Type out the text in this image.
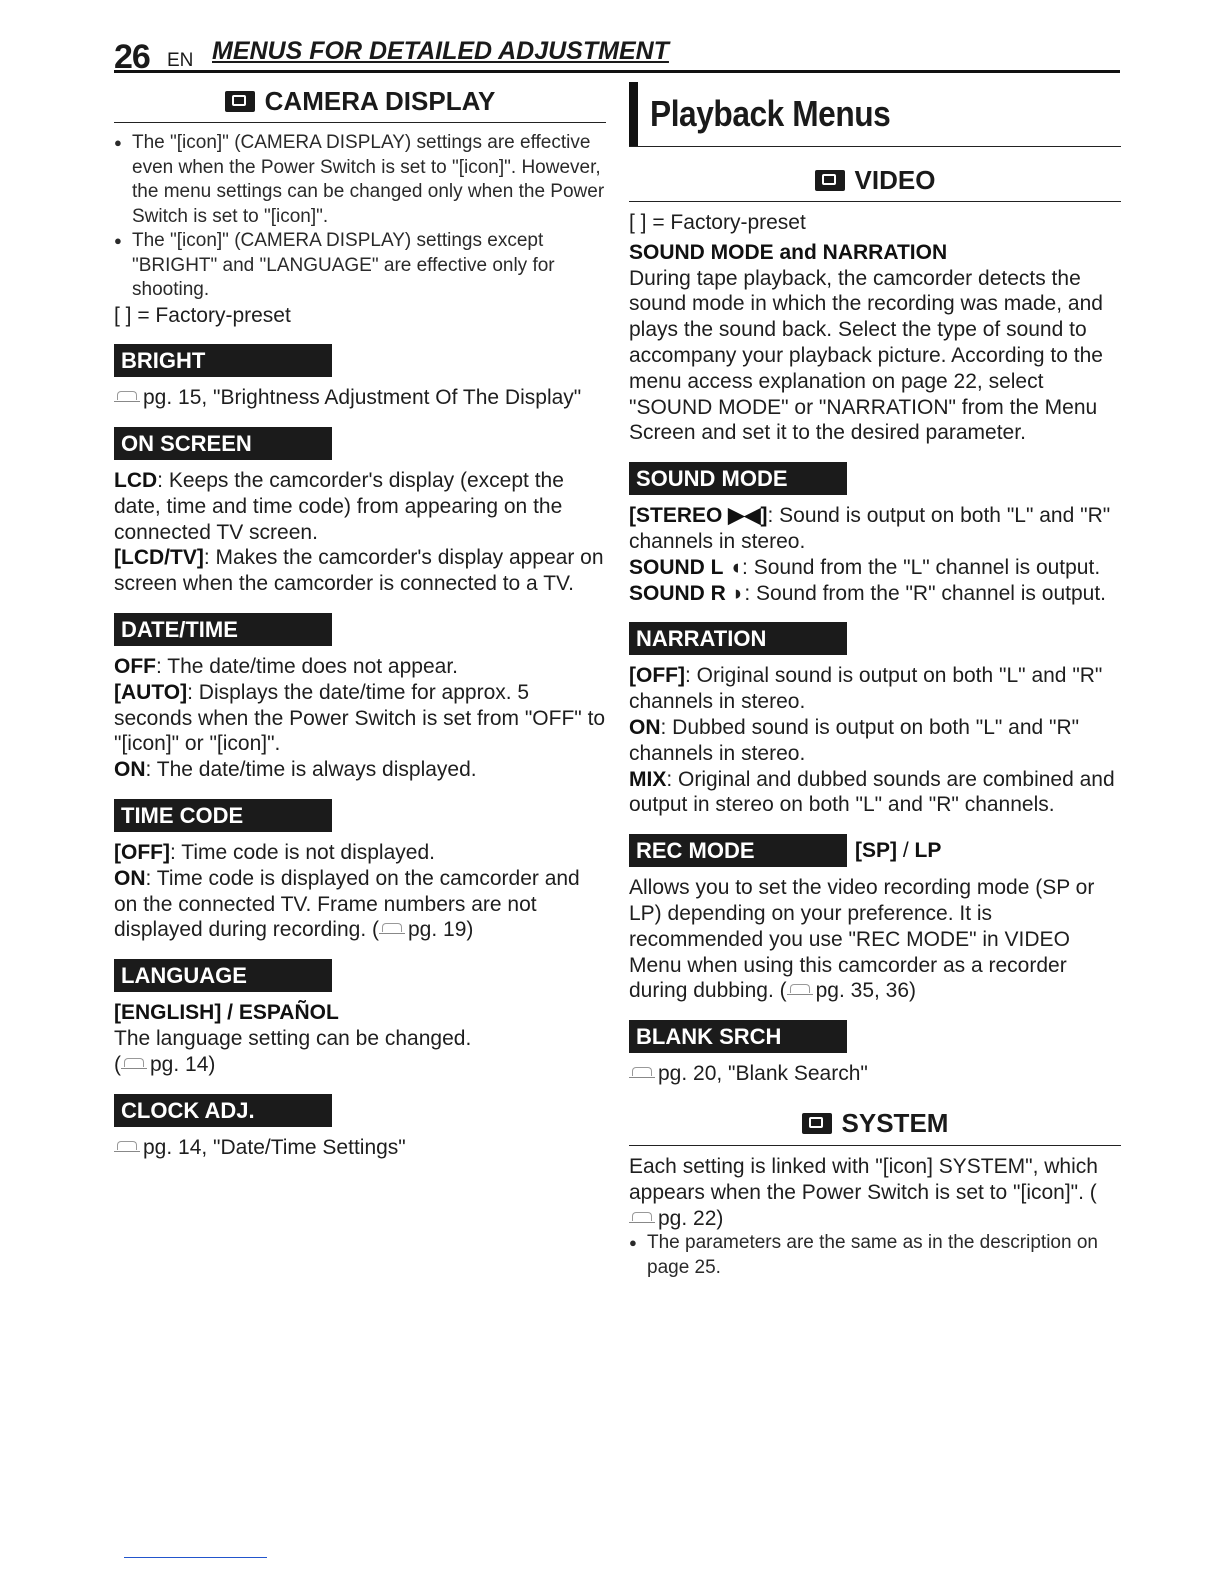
26 EN MENUS FOR DETAILED ADJUSTMENT
CAMERA DISPLAY
● The "[icon]" (CAMERA DISPLAY) settings are effective even when the Power Switch is set to "[icon]". However, the menu settings can be changed only when the Power Switch is set to "[icon]".
● The "[icon]" (CAMERA DISPLAY) settings except "BRIGHT" and "LANGUAGE" are effective only for shooting.
[ ] = Factory-preset
BRIGHT
pg. 15, "Brightness Adjustment Of The Display"
ON SCREEN
LCD: Keeps the camcorder's display (except the date, time and time code) from appearing on the connected TV screen.
[LCD/TV]: Makes the camcorder's display appear on screen when the camcorder is connected to a TV.
DATE/TIME
OFF: The date/time does not appear.
[AUTO]: Displays the date/time for approx. 5 seconds when the Power Switch is set from "OFF" to "[icon]" or "[icon]".
ON: The date/time is always displayed.
TIME CODE
[OFF]: Time code is not displayed.
ON: Time code is displayed on the camcorder and on the connected TV. Frame numbers are not displayed during recording. ( pg. 19)
LANGUAGE
[ENGLISH] / ESPAÑOL
The language setting can be changed.
( pg. 14)
CLOCK ADJ.
pg. 14, "Date/Time Settings"
Playback Menus
VIDEO
[ ] = Factory-preset
SOUND MODE and NARRATION
During tape playback, the camcorder detects the sound mode in which the recording was made, and plays the sound back. Select the type of sound to accompany your playback picture. According to the menu access explanation on page 22, select "SOUND MODE" or "NARRATION" from the Menu Screen and set it to the desired parameter.
SOUND MODE
[STEREO ▶◀]: Sound is output on both "L" and "R" channels in stereo.
SOUND L ◖: Sound from the "L" channel is output.
SOUND R ◗: Sound from the "R" channel is output.
NARRATION
[OFF]: Original sound is output on both "L" and "R" channels in stereo.
ON: Dubbed sound is output on both "L" and "R" channels in stereo.
MIX: Original and dubbed sounds are combined and output in stereo on both "L" and "R" channels.
REC MODE	[SP] / LP
Allows you to set the video recording mode (SP or LP) depending on your preference. It is recommended you use "REC MODE" in VIDEO Menu when using this camcorder as a recorder during dubbing. ( pg. 35, 36)
BLANK SRCH
pg. 20, "Blank Search"
SYSTEM
Each setting is linked with "[icon] SYSTEM", which appears when the Power Switch is set to "[icon]". (pg. 22)
● The parameters are the same as in the description on page 25.
